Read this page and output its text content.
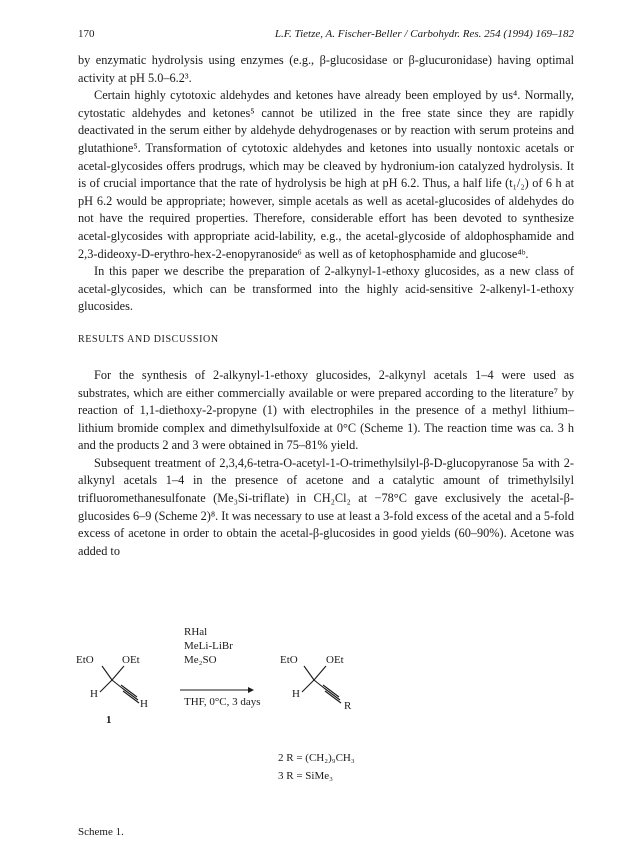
170	L.F. Tietze, A. Fischer-Beller / Carbohydr. Res. 254 (1994) 169–182

by enzymatic hydrolysis using enzymes (e.g., β-glucosidase or β-glucuronidase) having optimal activity at pH 5.0–6.2³.

Certain highly cytotoxic aldehydes and ketones have already been employed by us⁴. Normally, cytostatic aldehydes and ketones⁵ cannot be utilized in the free state since they are rapidly deactivated in the serum either by aldehyde dehydrogenases or by reaction with serum proteins and glutathione⁵. Transformation of cytotoxic aldehydes and ketones into usually nontoxic acetals or acetal-glycosides offers prodrugs, which may be cleaved by hydronium-ion catalyzed hydrolysis. It is of crucial importance that the rate of hydrolysis be high at pH 6.2. Thus, a half life (t₁/₂) of 6 h at pH 6.2 would be appropriate; however, simple acetals as well as acetal-glucosides of aldehydes do not have the required properties. Therefore, considerable effort has been devoted to synthesize acetal-glycosides with appropriate acid-lability, e.g., the acetal-glycoside of aldophosphamide and 2,3-dideoxy-D-erythro-hex-2-enopyranoside⁶ as well as of ketophosphamide and glucose⁴ᵇ.

In this paper we describe the preparation of 2-alkynyl-1-ethoxy glucosides, as a new class of acetal-glycosides, which can be transformed into the highly acid-sensitive 2-alkenyl-1-ethoxy glucosides.

RESULTS AND DISCUSSION

For the synthesis of 2-alkynyl-1-ethoxy glucosides, 2-alkynyl acetals 1–4 were used as substrates, which are either commercially available or were prepared according to the literature⁷ by reaction of 1,1-diethoxy-2-propyne (1) with electrophiles in the presence of a methyl lithium–lithium bromide complex and dimethylsulfoxide at 0°C (Scheme 1). The reaction time was ca. 3 h and the products 2 and 3 were obtained in 75–81% yield.

Subsequent treatment of 2,3,4,6-tetra-O-acetyl-1-O-trimethylsilyl-β-D-glucopyranose 5a with 2-alkynyl acetals 1–4 in the presence of acetone and a catalytic amount of trimethylsilyl trifluoromethanesulfonate (Me₃Si-triflate) in CH₂Cl₂ at −78°C gave exclusively the acetal-β-glucosides 6–9 (Scheme 2)⁸. It was necessary to use at least a 3-fold excess of the acetal and a 5-fold excess of acetone in order to obtain the acetal-β-glucosides in good yields (60–90%). Acetone was added to

EtO	OEt
H
H
1
RHal
MeLi-LiBr
Me₂SO
THF, 0°C, 3 days
EtO	OEt
H
R
2 R = (CH₂)₉CH₃
3 R = SiMe₃
Scheme 1.
